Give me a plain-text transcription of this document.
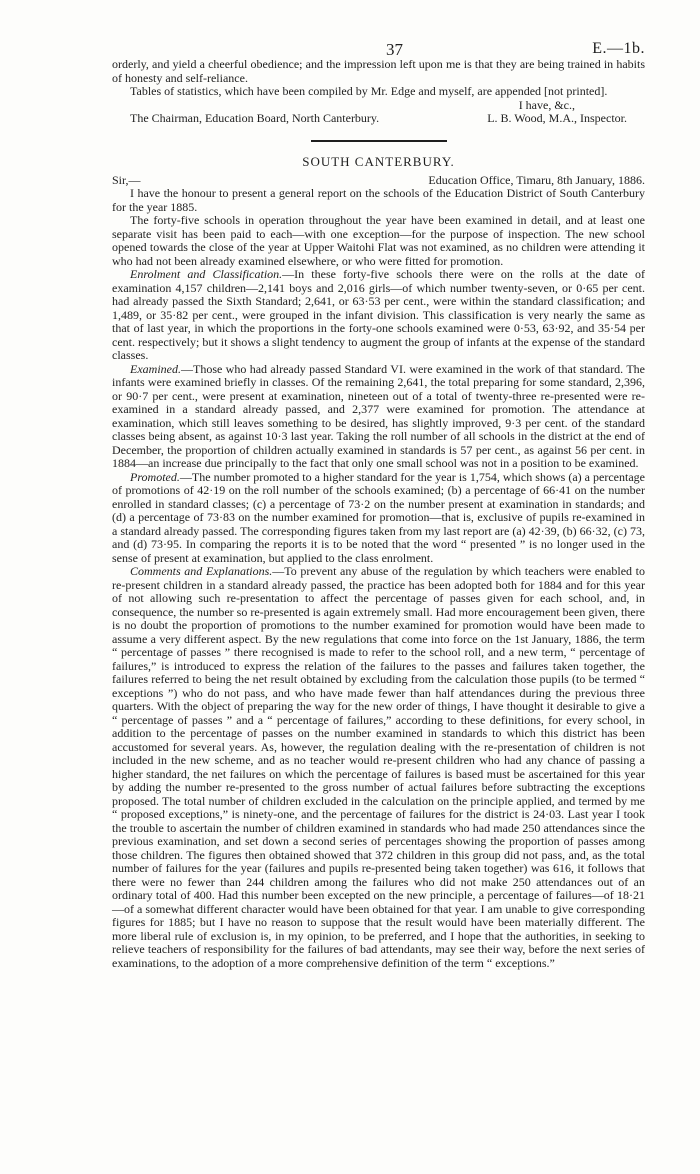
37	E.—1b.

orderly, and yield a cheerful obedience; and the impression left upon me is that they are being trained in habits of honesty and self-reliance.

Tables of statistics, which have been compiled by Mr. Edge and myself, are appended [not printed].

I have, &c.,
The Chairman, Education Board, North Canterbury.	L. B. Wood, M.A., Inspector.
SOUTH CANTERBURY.
Sir,—	Education Office, Timaru, 8th January, 1886.

I have the honour to present a general report on the schools of the Education District of South Canterbury for the year 1885.

The forty-five schools in operation throughout the year have been examined in detail, and at least one separate visit has been paid to each—with one exception—for the purpose of inspection. The new school opened towards the close of the year at Upper Waitohi Flat was not examined, as no children were attending it who had not been already examined elsewhere, or who were fitted for promotion.

Enrolment and Classification.—In these forty-five schools there were on the rolls at the date of examination 4,157 children—2,141 boys and 2,016 girls—of which number twenty-seven, or 0·65 per cent. had already passed the Sixth Standard; 2,641, or 63·53 per cent., were within the standard classification; and 1,489, or 35·82 per cent., were grouped in the infant division. This classification is very nearly the same as that of last year, in which the proportions in the forty-one schools examined were 0·53, 63·92, and 35·54 per cent. respectively; but it shows a slight tendency to augment the group of infants at the expense of the standard classes.

Examined.—Those who had already passed Standard VI. were examined in the work of that standard. The infants were examined briefly in classes. Of the remaining 2,641, the total preparing for some standard, 2,396, or 90·7 per cent., were present at examination, nineteen out of a total of twenty-three re-presented were re-examined in a standard already passed, and 2,377 were examined for promotion. The attendance at examination, which still leaves something to be desired, has slightly improved, 9·3 per cent. of the standard classes being absent, as against 10·3 last year. Taking the roll number of all schools in the district at the end of December, the proportion of children actually examined in standards is 57 per cent., as against 56 per cent. in 1884—an increase due principally to the fact that only one small school was not in a position to be examined.

Promoted.—The number promoted to a higher standard for the year is 1,754, which shows (a) a percentage of promotions of 42·19 on the roll number of the schools examined; (b) a percentage of 66·41 on the number enrolled in standard classes; (c) a percentage of 73·2 on the number present at examination in standards; and (d) a percentage of 73·83 on the number examined for promotion—that is, exclusive of pupils re-examined in a standard already passed. The corresponding figures taken from my last report are (a) 42·39, (b) 66·32, (c) 73, and (d) 73·95. In comparing the reports it is to be noted that the word “ presented ” is no longer used in the sense of present at examination, but applied to the class enrolment.

Comments and Explanations.—To prevent any abuse of the regulation by which teachers were enabled to re-present children in a standard already passed, the practice has been adopted both for 1884 and for this year of not allowing such re-presentation to affect the percentage of passes given for each school, and, in consequence, the number so re-presented is again extremely small. Had more encouragement been given, there is no doubt the proportion of promotions to the number examined for promotion would have been made to assume a very different aspect. By the new regulations that come into force on the 1st January, 1886, the term “ percentage of passes ” there recognised is made to refer to the school roll, and a new term, “ percentage of failures,” is introduced to express the relation of the failures to the passes and failures taken together, the failures referred to being the net result obtained by excluding from the calculation those pupils (to be termed “ exceptions ”) who do not pass, and who have made fewer than half attendances during the previous three quarters. With the object of preparing the way for the new order of things, I have thought it desirable to give a “ percentage of passes ” and a “ percentage of failures,” according to these definitions, for every school, in addition to the percentage of passes on the number examined in standards to which this district has been accustomed for several years. As, however, the regulation dealing with the re-presentation of children is not included in the new scheme, and as no teacher would re-present children who had any chance of passing a higher standard, the net failures on which the percentage of failures is based must be ascertained for this year by adding the number re-presented to the gross number of actual failures before subtracting the exceptions proposed. The total number of children excluded in the calculation on the principle applied, and termed by me “ proposed exceptions,” is ninety-one, and the percentage of failures for the district is 24·03. Last year I took the trouble to ascertain the number of children examined in standards who had made 250 attendances since the previous examination, and set down a second series of percentages showing the proportion of passes among those children. The figures then obtained showed that 372 children in this group did not pass, and, as the total number of failures for the year (failures and pupils re-presented being taken together) was 616, it follows that there were no fewer than 244 children among the failures who did not make 250 attendances out of an ordinary total of 400. Had this number been excepted on the new principle, a percentage of failures—of 18·21—of a somewhat different character would have been obtained for that year. I am unable to give corresponding figures for 1885; but I have no reason to suppose that the result would have been materially different. The more liberal rule of exclusion is, in my opinion, to be preferred, and I hope that the authorities, in seeking to relieve teachers of responsibility for the failures of bad attendants, may see their way, before the next series of examinations, to the adoption of a more comprehensive definition of the term “ exceptions.”
